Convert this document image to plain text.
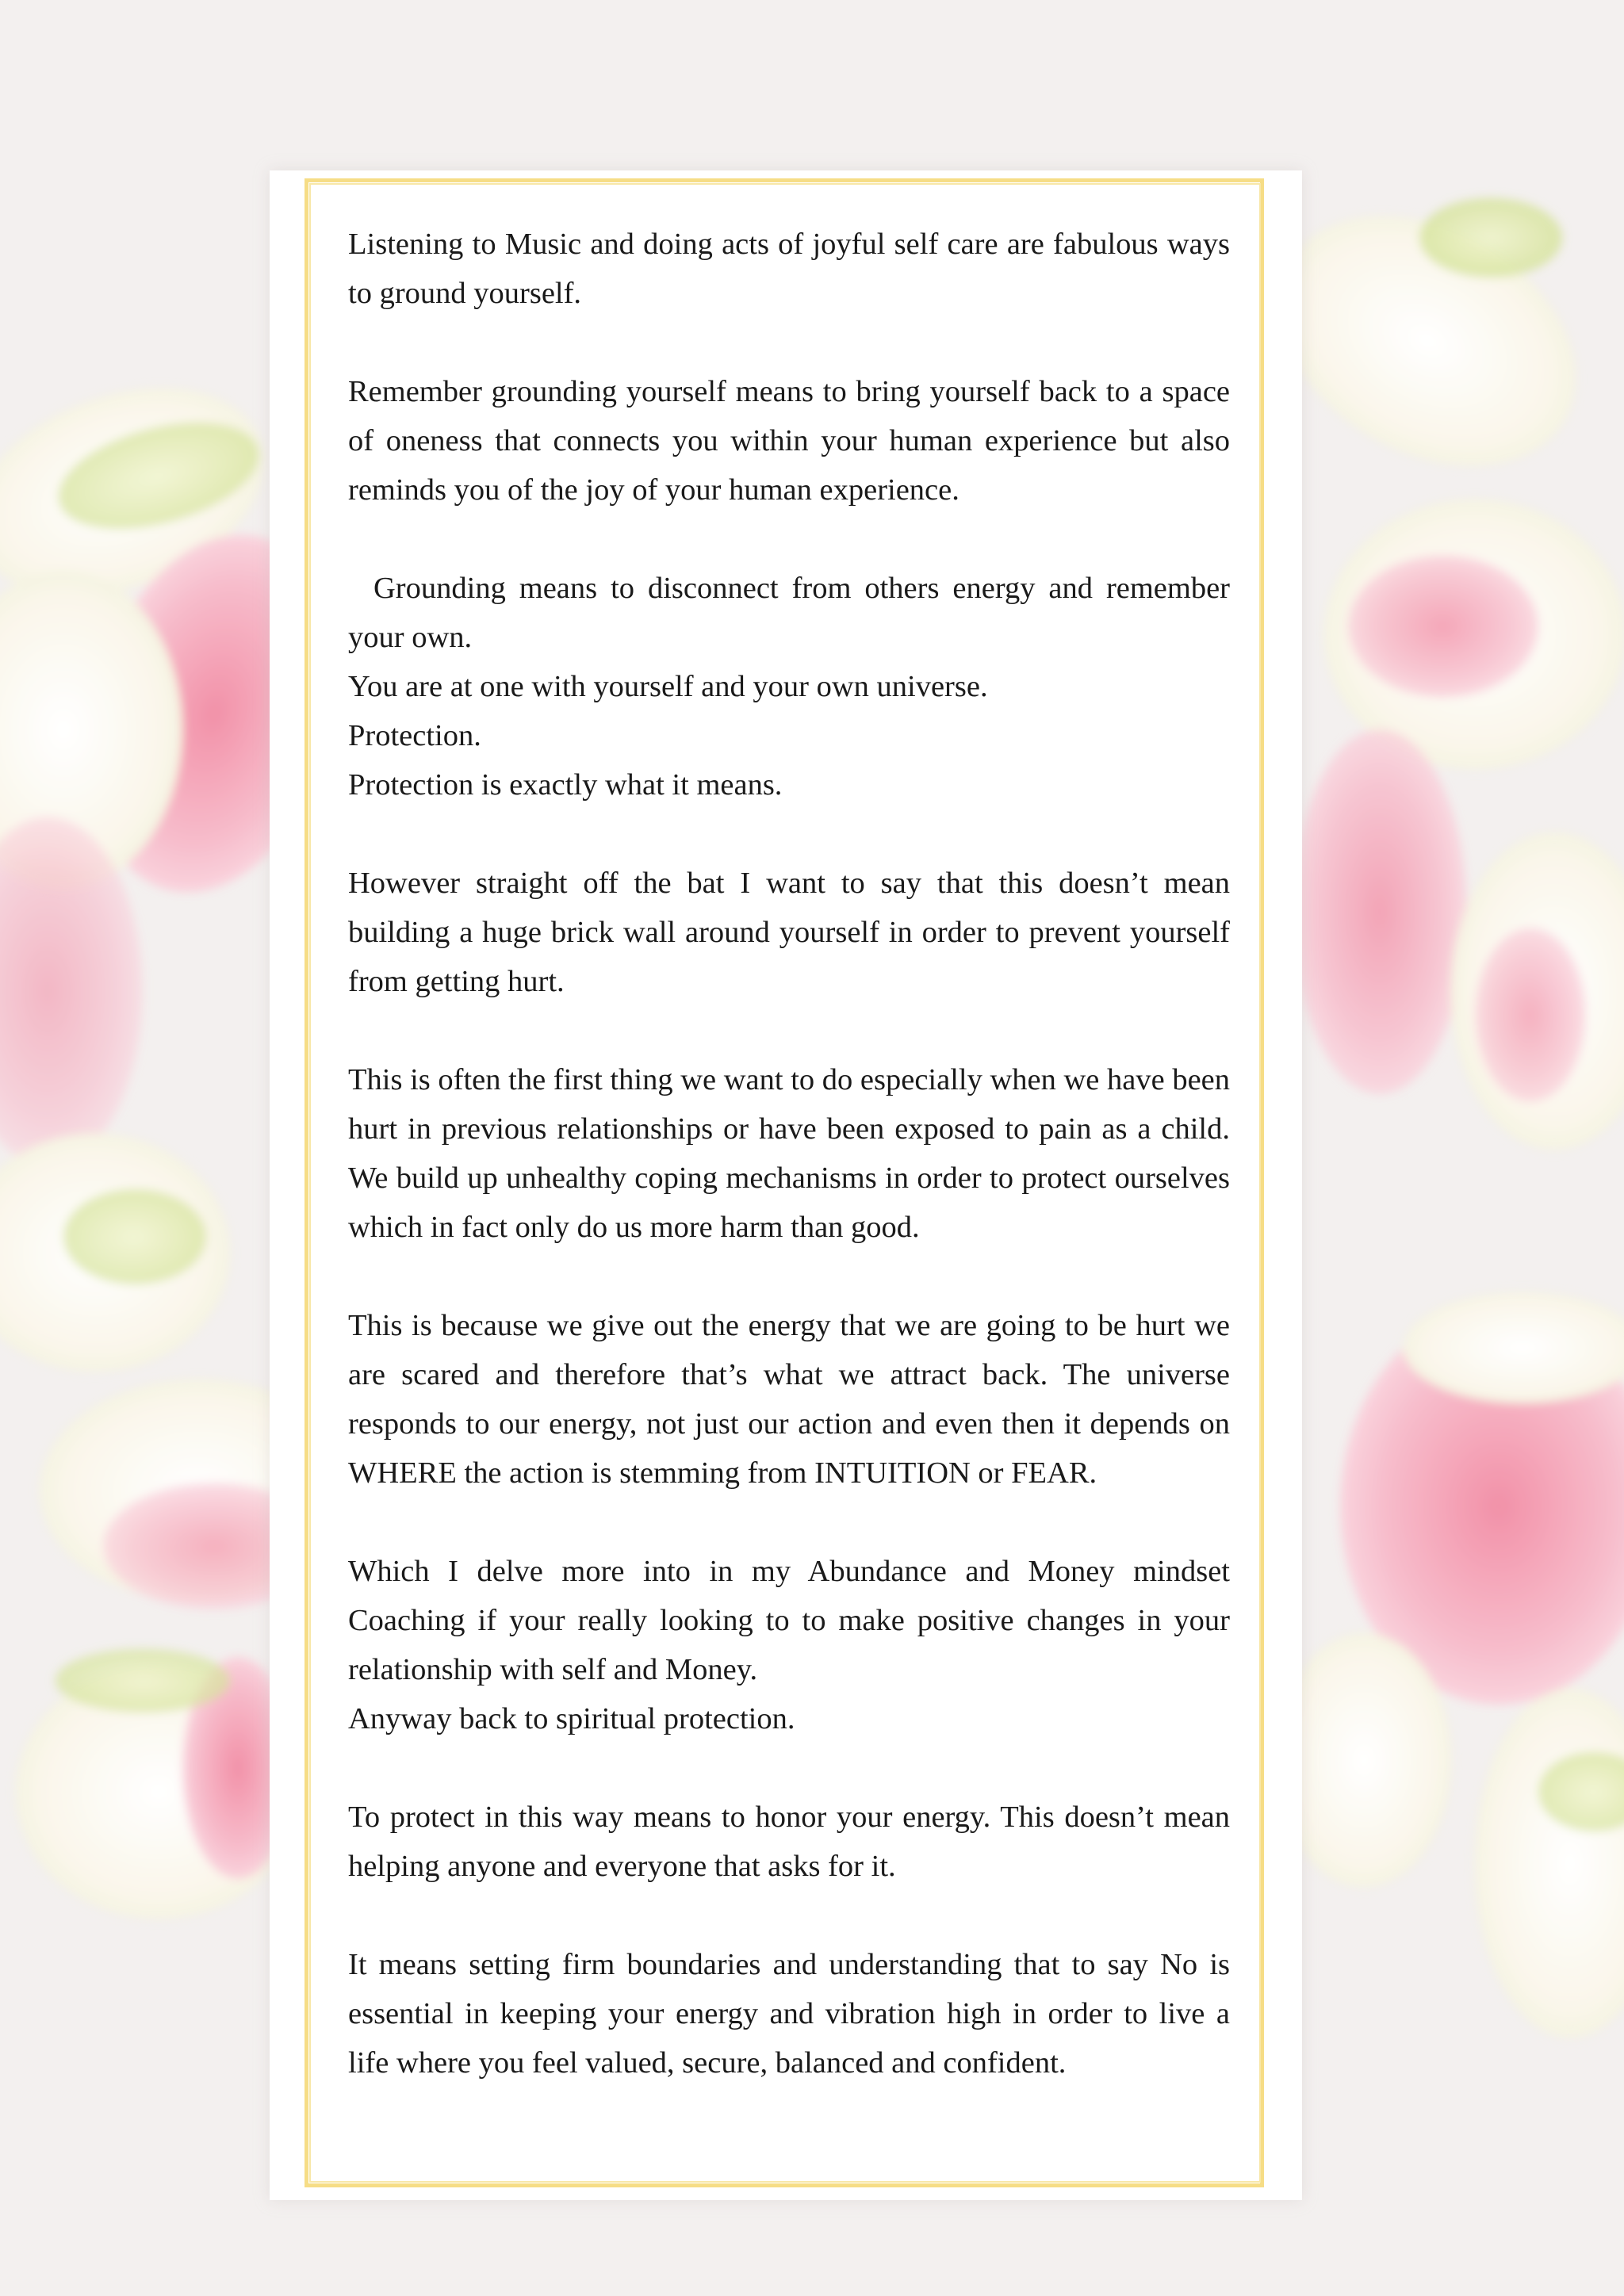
Listening to Music and doing acts of joyful self care are fabulous ways to ground yourself.

Remember grounding yourself means to bring yourself back to a space of oneness that connects you within your human experience but also reminds you of the joy of your human experience.

Grounding means to disconnect from others energy and remember your own.

You are at one with yourself and your own universe.

Protection.

Protection is exactly what it means.

However straight off the bat I want to say that this doesn’t mean building a huge brick wall around yourself in order to prevent yourself from getting hurt.

This is often the first thing we want to do especially when we have been hurt in previous relationships or have been exposed to pain as a child. We build up unhealthy coping mechanisms in order to protect ourselves which in fact only do us more harm than good.

This is because we give out the energy that we are going to be hurt we are scared and therefore that’s what we attract back. The universe responds to our energy, not just our action and even then it depends on WHERE the action is stemming from INTUITION or FEAR.

Which I delve more into in my Abundance and Money mindset Coaching if your really looking to to make positive changes in your relationship with self and Money.

Anyway back to spiritual protection.

To protect in this way means to honor your energy. This doesn’t mean helping anyone and everyone that asks for it.

It means setting firm boundaries and understanding that to say No is essential in keeping your energy and vibration high in order to live a life where you feel valued, secure, balanced and confident.
